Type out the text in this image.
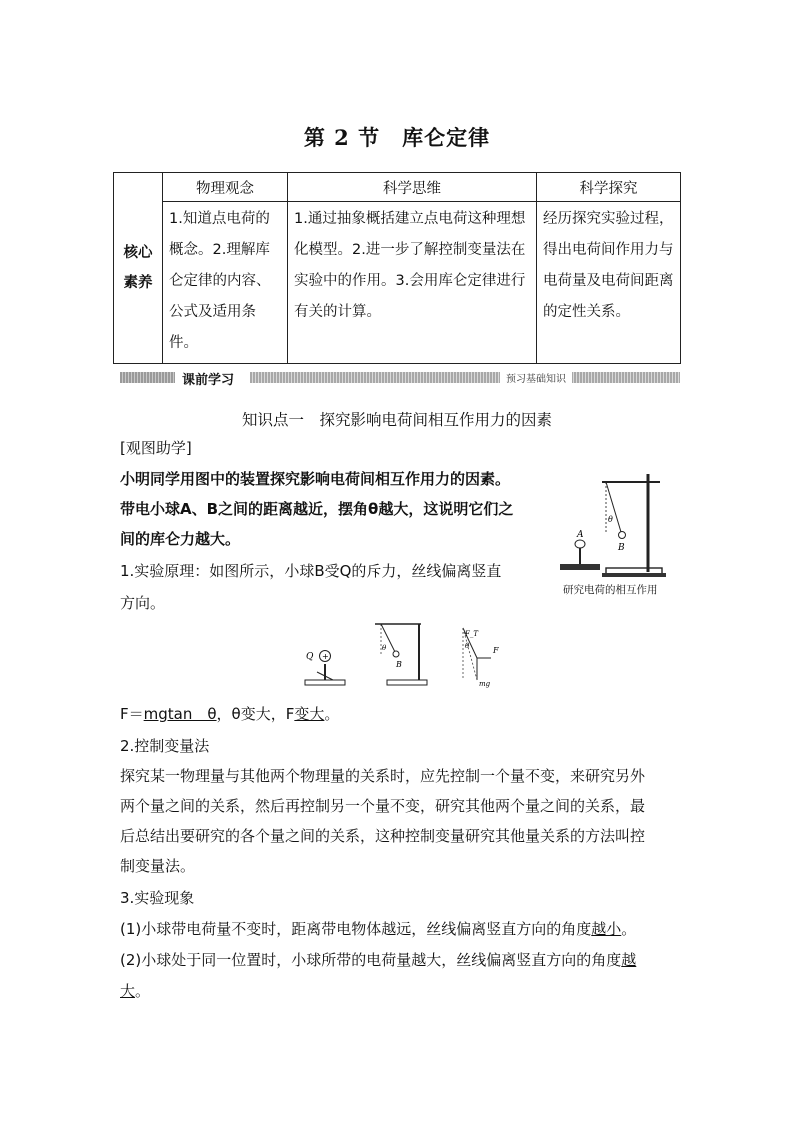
第 2 节　库仑定律
核心素养	物理观念	科学思维	科学探究
	1.知道点电荷的概念。2.理解库仑定律的内容、公式及适用条件。	1.通过抽象概括建立点电荷这种理想化模型。2.进一步了解控制变量法在实验中的作用。3.会用库仑定律进行有关的计算。	经历探究实验过程，得出电荷间作用力与电荷量及电荷间距离的定性关系。
课前学习	预习基础知识
知识点一　探究影响电荷间相互作用力的因素
[观图助学]
小明同学用图中的装置探究影响电荷间相互作用力的因素。
带电小球A、B之间的距离越近，摆角θ越大，这说明它们之
间的库仑力越大。
1.实验原理：如图所示，小球B受Q的斥力，丝线偏离竖直
方向。
A
B
θ
研究电荷的相互作用
+
Q
θ
B
F_T
F
mg
θ
F＝mgtan　θ，θ变大，F变大。
2.控制变量法
探究某一物理量与其他两个物理量的关系时，应先控制一个量不变，来研究另外
两个量之间的关系，然后再控制另一个量不变，研究其他两个量之间的关系，最
后总结出要研究的各个量之间的关系，这种控制变量研究其他量关系的方法叫控
制变量法。
3.实验现象
(1)小球带电荷量不变时，距离带电物体越远，丝线偏离竖直方向的角度越小。
(2)小球处于同一位置时，小球所带的电荷量越大，丝线偏离竖直方向的角度越
大。
